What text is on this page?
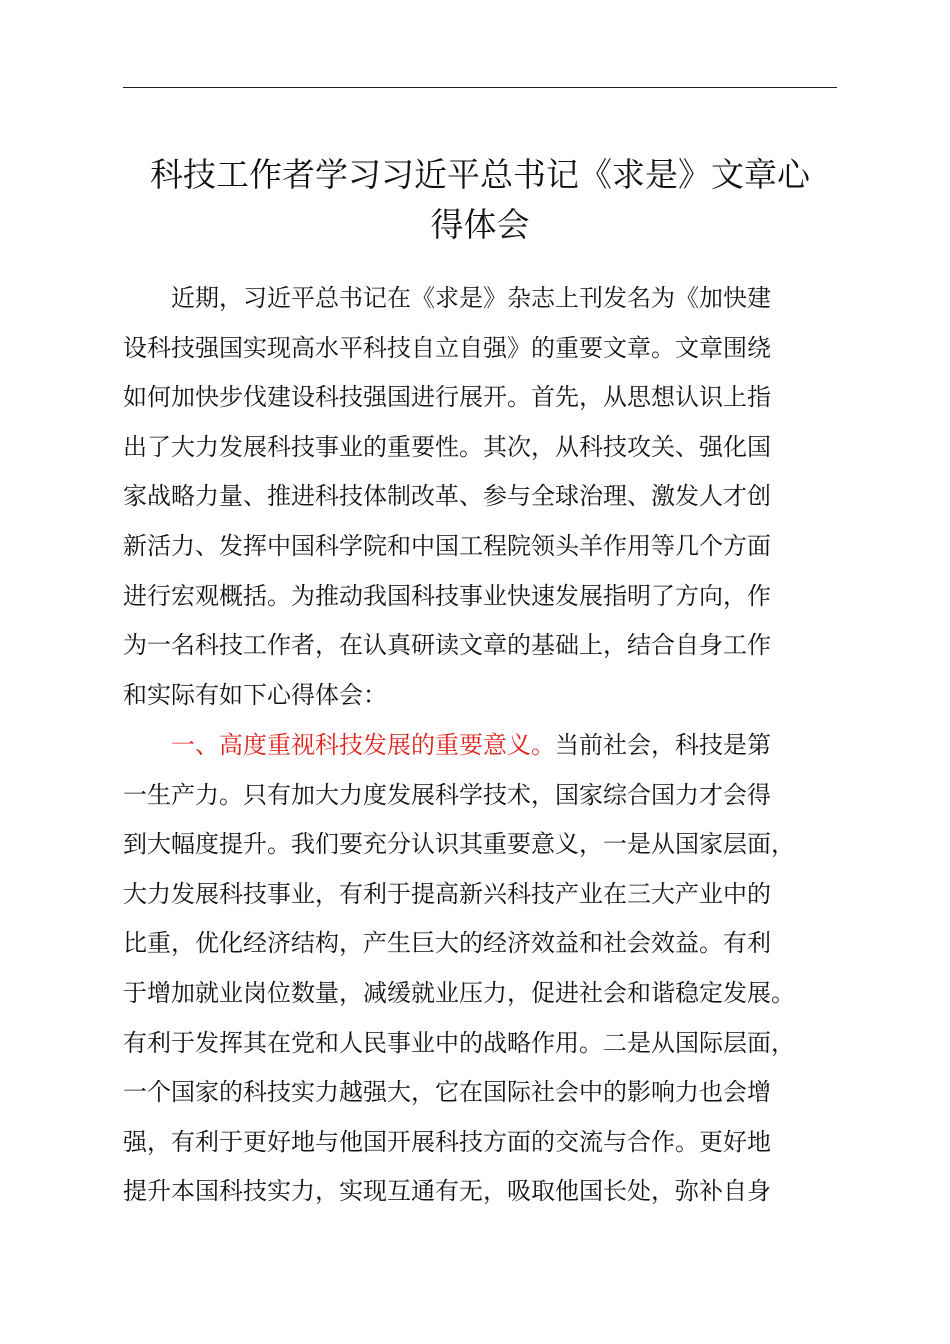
科技工作者学习习近平总书记《求是》文章心
得体会
近期，习近平总书记在《求是》杂志上刊发名为《加快建
设科技强国实现高水平科技自立自强》的重要文章。文章围绕
如何加快步伐建设科技强国进行展开。首先，从思想认识上指
出了大力发展科技事业的重要性。其次，从科技攻关、强化国
家战略力量、推进科技体制改革、参与全球治理、激发人才创
新活力、发挥中国科学院和中国工程院领头羊作用等几个方面
进行宏观概括。为推动我国科技事业快速发展指明了方向，作
为一名科技工作者，在认真研读文章的基础上，结合自身工作
和实际有如下心得体会：
一、高度重视科技发展的重要意义。当前社会，科技是第
一生产力。只有加大力度发展科学技术，国家综合国力才会得
到大幅度提升。我们要充分认识其重要意义，一是从国家层面，
大力发展科技事业，有利于提高新兴科技产业在三大产业中的
比重，优化经济结构，产生巨大的经济效益和社会效益。有利
于增加就业岗位数量，减缓就业压力，促进社会和谐稳定发展。
有利于发挥其在党和人民事业中的战略作用。二是从国际层面，
一个国家的科技实力越强大，它在国际社会中的影响力也会增
强，有利于更好地与他国开展科技方面的交流与合作。更好地
提升本国科技实力，实现互通有无，吸取他国长处，弥补自身
